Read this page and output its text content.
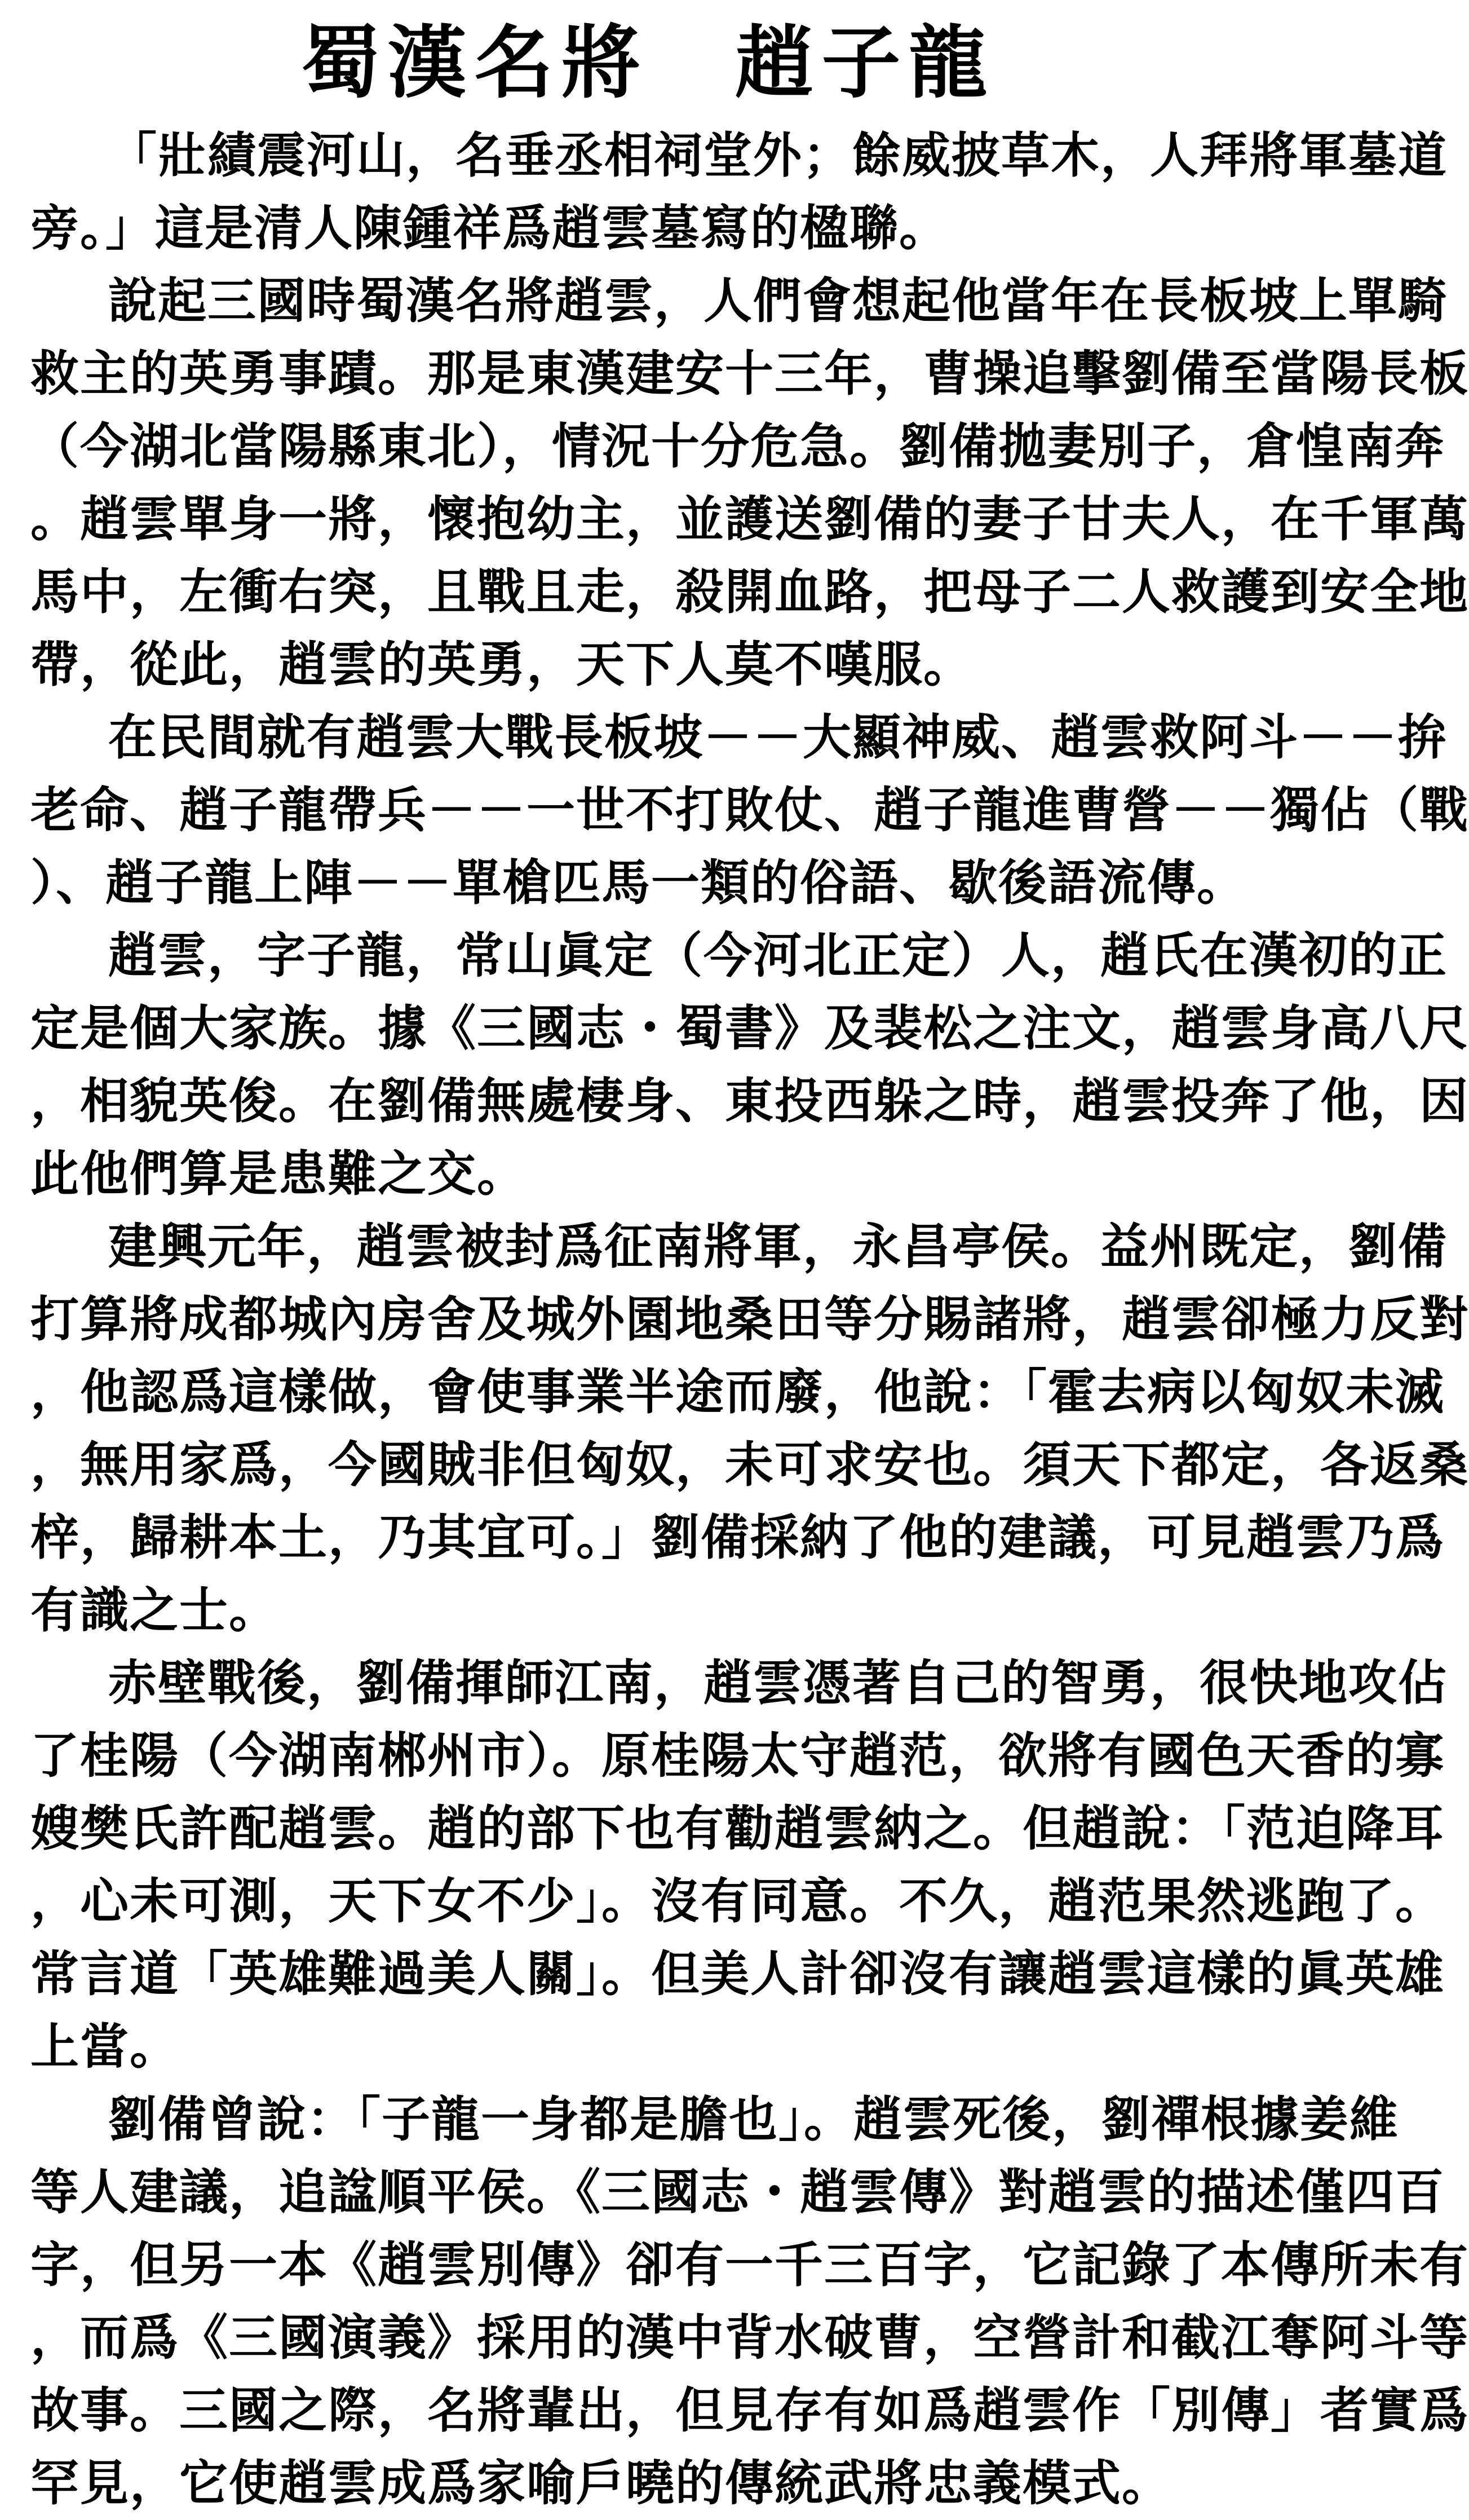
蜀漢名將　趙子龍
「壯績震河山，名垂丞相祠堂外；餘威披草木，人拜將軍墓道
旁。」這是清人陳鍾祥爲趙雲墓寫的楹聯。
說起三國時蜀漢名將趙雲，人們會想起他當年在長板坡上單騎
救主的英勇事蹟。那是東漢建安十三年，曹操追擊劉備至當陽長板
（今湖北當陽縣東北），情況十分危急。劉備拋妻別子，倉惶南奔
。趙雲單身一將，懷抱幼主，並護送劉備的妻子甘夫人，在千軍萬
馬中，左衝右突，且戰且走，殺開血路，把母子二人救護到安全地
帶，從此，趙雲的英勇，天下人莫不嘆服。
在民間就有趙雲大戰長板坡－－大顯神威、趙雲救阿斗－－拚
老命、趙子龍帶兵－－一世不打敗仗、趙子龍進曹營－－獨佔（戰
）、趙子龍上陣－－單槍匹馬一類的俗語、歇後語流傳。
趙雲，字子龍，常山眞定（今河北正定）人，趙氏在漢初的正
定是個大家族。據《三國志・蜀書》及裴松之注文，趙雲身高八尺
，相貌英俊。在劉備無處棲身、東投西躲之時，趙雲投奔了他，因
此他們算是患難之交。
建興元年，趙雲被封爲征南將軍，永昌亭侯。益州既定，劉備
打算將成都城內房舍及城外園地桑田等分賜諸將，趙雲卻極力反對
，他認爲這樣做，會使事業半途而廢，他說：「霍去病以匈奴未滅
，無用家爲，今國賊非但匈奴，未可求安也。須天下都定，各返桑
梓，歸耕本土，乃其宜可。」劉備採納了他的建議，可見趙雲乃爲
有識之士。
赤壁戰後，劉備揮師江南，趙雲憑著自己的智勇，很快地攻佔
了桂陽（今湖南郴州市）。原桂陽太守趙范，欲將有國色天香的寡
嫂樊氏許配趙雲。趙的部下也有勸趙雲納之。但趙說：「范迫降耳
，心未可測，天下女不少」。沒有同意。不久，趙范果然逃跑了。
常言道「英雄難過美人關」。但美人計卻沒有讓趙雲這樣的眞英雄
上當。
劉備曾說：「子龍一身都是膽也」。趙雲死後，劉禪根據姜維
等人建議，追諡順平侯。《三國志・趙雲傳》對趙雲的描述僅四百
字，但另一本《趙雲別傳》卻有一千三百字，它記錄了本傳所未有
，而爲《三國演義》採用的漢中背水破曹，空營計和截江奪阿斗等
故事。三國之際，名將輩出，但見存有如爲趙雲作「別傳」者實爲
罕見，它使趙雲成爲家喻戶曉的傳統武將忠義模式。
